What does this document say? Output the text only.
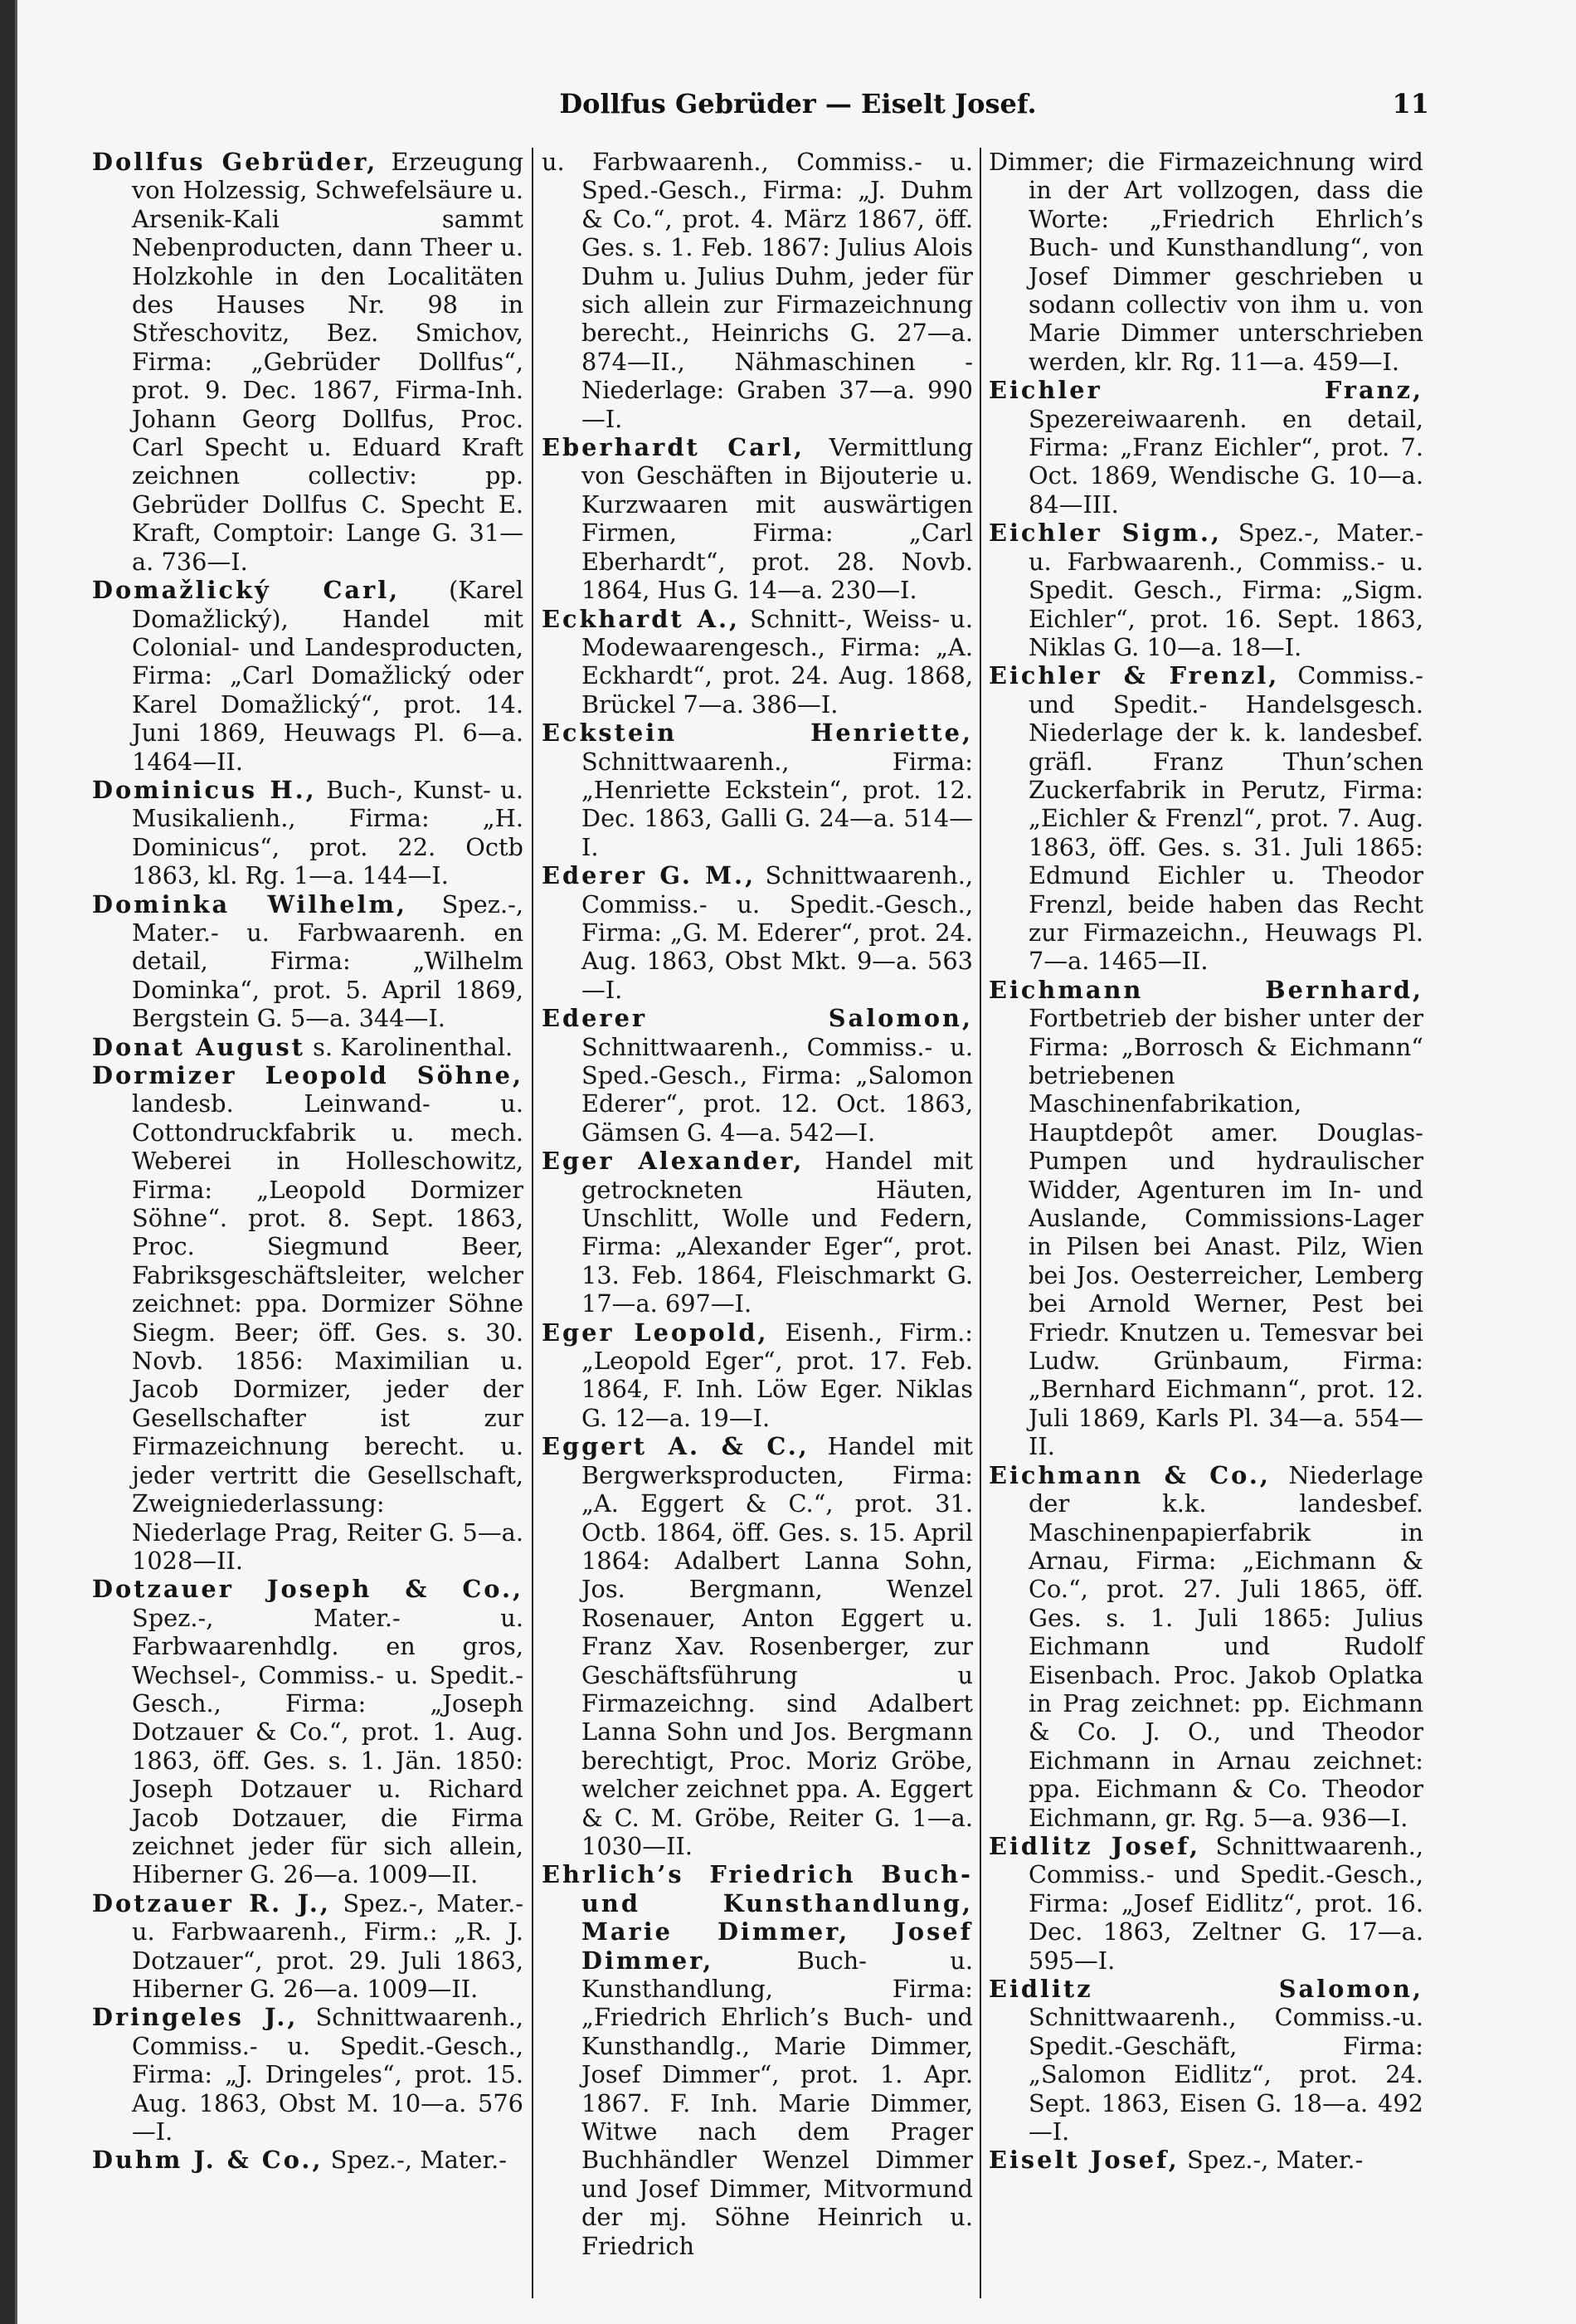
Dollfus Gebrüder — Eiselt Josef.	11

Dollfus Gebrüder, Erzeugung von Holzessig, Schwefelsäure u. Arsenik-Kali sammt Nebenproducten, dann Theer u. Holzkohle in den Localitäten des Hauses Nr. 98 in Střeschovitz, Bez. Smichov, Firma: „Gebrüder Dollfus“, prot. 9. Dec. 1867, Firma-Inh. Johann Georg Dollfus, Proc. Carl Specht u. Eduard Kraft zeichnen collectiv: pp. Gebrüder Dollfus C. Specht E. Kraft, Comptoir: Lange G. 31—a. 736—I.

Domažlický Carl, (Karel Domažlický), Handel mit Colonial- und Landesproducten, Firma: „Carl Domažlický oder Karel Domažlický“, prot. 14. Juni 1869, Heuwags Pl. 6—a. 1464—II.

Dominicus H., Buch-, Kunst- u. Musikalienh., Firma: „H. Dominicus“, prot. 22. Octb 1863, kl. Rg. 1—a. 144—I.

Dominka Wilhelm, Spez.-, Mater.- u. Farbwaarenh. en detail, Firma: „Wilhelm Dominka“, prot. 5. April 1869, Bergstein G. 5—a. 344—I.

Donat August s. Karolinenthal.

Dormizer Leopold Söhne, landesb. Leinwand- u. Cottondruckfabrik u. mech. Weberei in Holleschowitz, Firma: „Leopold Dormizer Söhne“. prot. 8. Sept. 1863, Proc. Siegmund Beer, Fabriksgeschäftsleiter, welcher zeichnet: ppa. Dormizer Söhne Siegm. Beer; öff. Ges. s. 30. Novb. 1856: Maximilian u. Jacob Dormizer, jeder der Gesellschafter ist zur Firmazeichnung berecht. u. jeder vertritt die Gesellschaft, Zweigniederlassung: Niederlage Prag, Reiter G. 5—a. 1028—II.

Dotzauer Joseph & Co., Spez.-, Mater.- u. Farbwaarenhdlg. en gros, Wechsel-, Commiss.- u. Spedit.-Gesch., Firma: „Joseph Dotzauer & Co.“, prot. 1. Aug. 1863, öff. Ges. s. 1. Jän. 1850: Joseph Dotzauer u. Richard Jacob Dotzauer, die Firma zeichnet jeder für sich allein, Hiberner G. 26—a. 1009—II.

Dotzauer R. J., Spez.-, Mater.- u. Farbwaarenh., Firm.: „R. J. Dotzauer“, prot. 29. Juli 1863, Hiberner G. 26—a. 1009—II.

Dringeles J., Schnittwaarenh., Commiss.- u. Spedit.-Gesch., Firma: „J. Dringeles“, prot. 15. Aug. 1863, Obst M. 10—a. 576—I.

Duhm J. & Co., Spez.-, Mater.-

u. Farbwaarenh., Commiss.- u. Sped.-Gesch., Firma: „J. Duhm & Co.“, prot. 4. März 1867, öff. Ges. s. 1. Feb. 1867: Julius Alois Duhm u. Julius Duhm, jeder für sich allein zur Firmazeichnung berecht., Heinrichs G. 27—a. 874—II., Nähmaschinen - Niederlage: Graben 37—a. 990—I.

Eberhardt Carl, Vermittlung von Geschäften in Bijouterie u. Kurzwaaren mit auswärtigen Firmen, Firma: „Carl Eberhardt“, prot. 28. Novb. 1864, Hus G. 14—a. 230—I.

Eckhardt A., Schnitt-, Weiss- u. Modewaarengesch., Firma: „A. Eckhardt“, prot. 24. Aug. 1868, Brückel 7—a. 386—I.

Eckstein Henriette, Schnittwaarenh., Firma: „Henriette Eckstein“, prot. 12. Dec. 1863, Galli G. 24—a. 514—I.

Ederer G. M., Schnittwaarenh., Commiss.- u. Spedit.-Gesch., Firma: „G. M. Ederer“, prot. 24. Aug. 1863, Obst Mkt. 9—a. 563—I.

Ederer Salomon, Schnittwaarenh., Commiss.- u. Sped.-Gesch., Firma: „Salomon Ederer“, prot. 12. Oct. 1863, Gämsen G. 4—a. 542—I.

Eger Alexander, Handel mit getrockneten Häuten, Unschlitt, Wolle und Federn, Firma: „Alexander Eger“, prot. 13. Feb. 1864, Fleischmarkt G. 17—a. 697—I.

Eger Leopold, Eisenh., Firm.: „Leopold Eger“, prot. 17. Feb. 1864, F. Inh. Löw Eger. Niklas G. 12—a. 19—I.

Eggert A. & C., Handel mit Bergwerksproducten, Firma: „A. Eggert & C.“, prot. 31. Octb. 1864, öff. Ges. s. 15. April 1864: Adalbert Lanna Sohn, Jos. Bergmann, Wenzel Rosenauer, Anton Eggert u. Franz Xav. Rosenberger, zur Geschäftsführung u Firmazeichng. sind Adalbert Lanna Sohn und Jos. Bergmann berechtigt, Proc. Moriz Gröbe, welcher zeichnet ppa. A. Eggert & C. M. Gröbe, Reiter G. 1—a. 1030—II.

Ehrlich’s Friedrich Buch- und Kunsthandlung, Marie Dimmer, Josef Dimmer,	Buch- u. Kunsthandlung, Firma: „Friedrich Ehrlich’s Buch- und Kunsthandlg., Marie Dimmer, Josef Dimmer“, prot. 1. Apr. 1867. F. Inh. Marie Dimmer, Witwe nach dem Prager Buchhändler Wenzel Dimmer und Josef Dimmer, Mitvormund der mj. Söhne Heinrich u. Friedrich

Dimmer; die Firmazeichnung wird in der Art vollzogen, dass die Worte: „Friedrich Ehrlich’s Buch- und Kunsthandlung“, von Josef Dimmer geschrieben u sodann collectiv von ihm u. von Marie Dimmer unterschrieben werden, klr. Rg. 11—a. 459—I.

Eichler Franz, Spezereiwaarenh. en detail, Firma: „Franz Eichler“, prot. 7. Oct. 1869, Wendische G. 10—a. 84—III.

Eichler Sigm., Spez.-, Mater.- u. Farbwaarenh., Commiss.- u. Spedit. Gesch., Firma: „Sigm. Eichler“, prot. 16. Sept. 1863, Niklas G. 10—a. 18—I.

Eichler & Frenzl, Commiss.- und Spedit.- Handelsgesch. Niederlage der k. k. landesbef. gräfl. Franz Thun’schen Zuckerfabrik in Perutz, Firma: „Eichler & Frenzl“, prot. 7. Aug. 1863, öff. Ges. s. 31. Juli 1865: Edmund Eichler u. Theodor Frenzl, beide haben das Recht zur Firmazeichn., Heuwags Pl. 7—a. 1465—II.

Eichmann Bernhard, Fortbetrieb der bisher unter der Firma: „Borrosch & Eichmann“ betriebenen Maschinenfabrikation, Hauptdepôt amer. Douglas-Pumpen und hydraulischer Widder, Agenturen im In- und Auslande, Commissions-Lager in Pilsen bei Anast. Pilz, Wien bei Jos. Oesterreicher, Lemberg bei Arnold Werner, Pest bei Friedr. Knutzen u. Temesvar bei Ludw. Grünbaum, Firma: „Bernhard Eichmann“, prot. 12. Juli 1869, Karls Pl. 34—a. 554—II.

Eichmann & Co., Niederlage der k.k. landesbef. Maschinenpapierfabrik in Arnau, Firma: „Eichmann & Co.“, prot. 27. Juli 1865, öff. Ges. s. 1. Juli 1865: Julius Eichmann und Rudolf Eisenbach. Proc. Jakob Oplatka in Prag zeichnet: pp. Eichmann & Co. J. O., und Theodor Eichmann in Arnau zeichnet: ppa. Eichmann & Co. Theodor Eichmann, gr. Rg. 5—a. 936—I.

Eidlitz Josef, Schnittwaarenh., Commiss.- und Spedit.-Gesch., Firma: „Josef Eidlitz“, prot. 16. Dec. 1863, Zeltner G. 17—a. 595—I.

Eidlitz Salomon, Schnittwaarenh., Commiss.-u. Spedit.-Geschäft, Firma: „Salomon Eidlitz“, prot. 24. Sept. 1863, Eisen G. 18—a. 492—I.

Eiselt Josef, Spez.-, Mater.-
